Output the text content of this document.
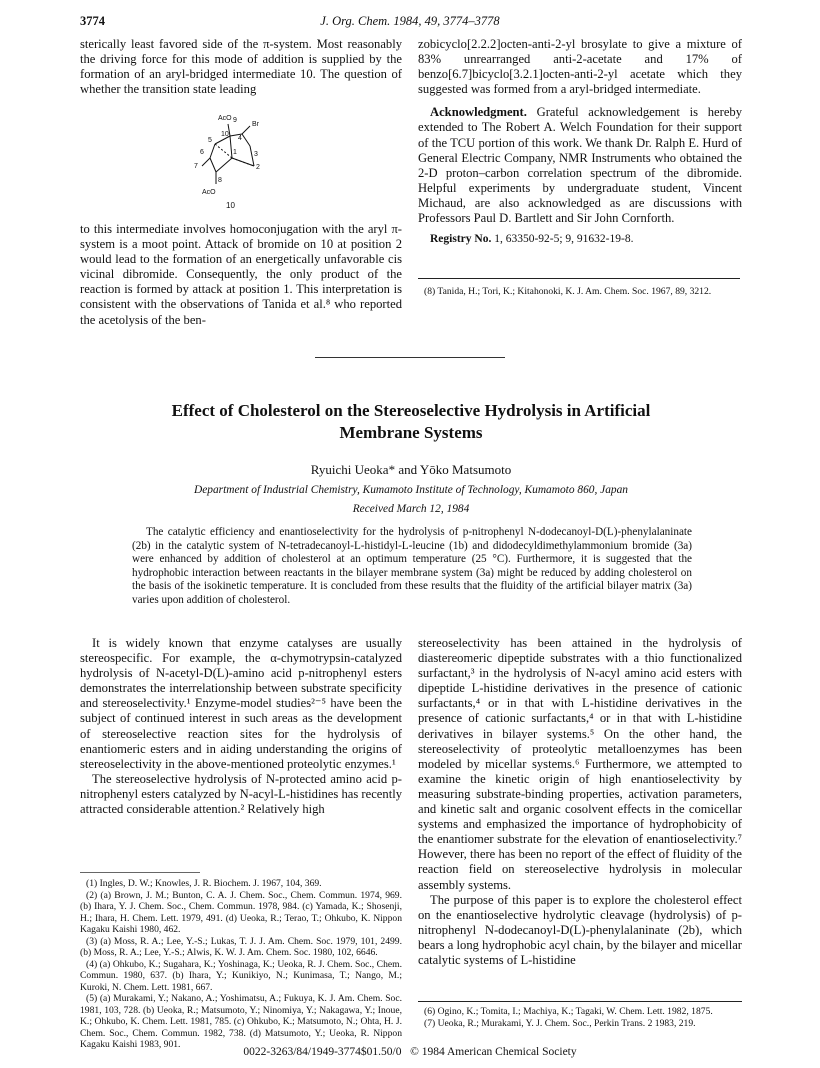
3774	J. Org. Chem. 1984, 49, 3774–3778

sterically least favored side of the π-system. Most reasonably the driving force for this mode of addition is supplied by the formation of an aryl-bridged intermediate 10. The question of whether the transition state leading

AcO
AcO
Br
9
10
4
1 3
2
5
6
7
8
10

to this intermediate involves homoconjugation with the aryl π-system is a moot point. Attack of bromide on 10 at position 2 would lead to the formation of an energetically unfavorable cis vicinal dibromide. Consequently, the only product of the reaction is formed by attack at position 1. This interpretation is consistent with the observations of Tanida et al.⁸ who reported the acetolysis of the ben-

zobicyclo[2.2.2]octen-anti-2-yl brosylate to give a mixture of 83% unrearranged anti-2-acetate and 17% of benzo[6.7]bicyclo[3.2.1]octen-anti-2-yl acetate which they suggested was formed from a aryl-bridged intermediate.

Acknowledgment. Grateful acknowledgement is hereby extended to The Robert A. Welch Foundation for their support of the TCU portion of this work. We thank Dr. Ralph E. Hurd of General Electric Company, NMR Instruments who obtained the 2-D proton–carbon correlation spectrum of the dibromide. Helpful experiments by undergraduate student, Vincent Michaud, are also acknowledged as are discussions with Professors Paul D. Bartlett and Sir John Cornforth.

Registry No. 1, 63350-92-5; 9, 91632-19-8.

(8) Tanida, H.; Tori, K.; Kitahonoki, K. J. Am. Chem. Soc. 1967, 89, 3212.

Effect of Cholesterol on the Stereoselective Hydrolysis in Artificial
Membrane Systems
Ryuichi Ueoka* and Yōko Matsumoto
Department of Industrial Chemistry, Kumamoto Institute of Technology, Kumamoto 860, Japan
Received March 12, 1984
The catalytic efficiency and enantioselectivity for the hydrolysis of p-nitrophenyl N-dodecanoyl-D(L)-phenylalaninate (2b) in the catalytic system of N-tetradecanoyl-L-histidyl-L-leucine (1b) and didodecyldimethylammonium bromide (3a) were enhanced by addition of cholesterol at an optimum temperature (25 °C). Furthermore, it is suggested that the hydrophobic interaction between reactants in the bilayer membrane system (3a) might be reduced by adding cholesterol on the basis of the isokinetic temperature. It is concluded from these results that the fluidity of the artificial bilayer matrix (3a) varies upon addition of cholesterol.

It is widely known that enzyme catalyses are usually stereospecific. For example, the α-chymotrypsin-catalyzed hydrolysis of N-acetyl-D(L)-amino acid p-nitrophenyl esters demonstrates the interrelationship between substrate specificity and stereoselectivity.¹ Enzyme-model studies²⁻⁵ have been the subject of continued interest in such areas as the development of stereoselective reaction sites for the hydrolysis of enantiomeric esters and in aiding understanding the origins of stereoselectivity in the above-mentioned proteolytic enzymes.¹

The stereoselective hydrolysis of N-protected amino acid p-nitrophenyl esters catalyzed by N-acyl-L-histidines has recently attracted considerable attention.² Relatively high

(1) Ingles, D. W.; Knowles, J. R. Biochem. J. 1967, 104, 369.

(2) (a) Brown, J. M.; Bunton, C. A. J. Chem. Soc., Chem. Commun. 1974, 969. (b) Ihara, Y. J. Chem. Soc., Chem. Commun. 1978, 984. (c) Yamada, K.; Shosenji, H.; Ihara, H. Chem. Lett. 1979, 491. (d) Ueoka, R.; Terao, T.; Ohkubo, K. Nippon Kagaku Kaishi 1980, 462.

(3) (a) Moss, R. A.; Lee, Y.-S.; Lukas, T. J. J. Am. Chem. Soc. 1979, 101, 2499. (b) Moss, R. A.; Lee, Y.-S.; Alwis, K. W. J. Am. Chem. Soc. 1980, 102, 6646.

(4) (a) Ohkubo, K.; Sugahara, K.; Yoshinaga, K.; Ueoka, R. J. Chem. Soc., Chem. Commun. 1980, 637. (b) Ihara, Y.; Kunikiyo, N.; Kunimasa, T.; Nango, M.; Kuroki, N. Chem. Lett. 1981, 667.

(5) (a) Murakami, Y.; Nakano, A.; Yoshimatsu, A.; Fukuya, K. J. Am. Chem. Soc. 1981, 103, 728. (b) Ueoka, R.; Matsumoto, Y.; Ninomiya, Y.; Nakagawa, Y.; Inoue, K.; Ohkubo, K. Chem. Lett. 1981, 785. (c) Ohkubo, K.; Matsumoto, N.; Ohta, H. J. Chem. Soc., Chem. Commun. 1982, 738. (d) Matsumoto, Y.; Ueoka, R. Nippon Kagaku Kaishi 1983, 901.

stereoselectivity has been attained in the hydrolysis of diastereomeric dipeptide substrates with a thio functionalized surfactant,³ in the hydrolysis of N-acyl amino acid esters with dipeptide L-histidine derivatives in the presence of cationic surfactants,⁴ or in that with L-histidine derivatives in the presence of cationic surfactants,⁴ or in that with L-histidine derivatives in bilayer systems.⁵ On the other hand, the stereoselectivity of proteolytic metalloenzymes has been modeled by micellar systems.⁶ Furthermore, we attempted to examine the kinetic origin of high enantioselectivity by measuring substrate-binding properties, activation parameters, and kinetic salt and organic cosolvent effects in the comicellar systems and emphasized the importance of hydrophobicity of the enantiomer substrate for the elevation of enantioselectivity.⁷ However, there has been no report of the effect of fluidity of the reaction field on stereoselective hydrolysis in molecular assembly systems.

The purpose of this paper is to explore the cholesterol effect on the enantioselective hydrolytic cleavage (hydrolysis) of p-nitrophenyl N-dodecanoyl-D(L)-phenylalaninate (2b), which bears a long hydrophobic acyl chain, by the bilayer and micellar catalytic systems of L-histidine

(6) Ogino, K.; Tomita, I.; Machiya, K.; Tagaki, W. Chem. Lett. 1982, 1875.

(7) Ueoka, R.; Murakami, Y. J. Chem. Soc., Perkin Trans. 2 1983, 219.

0022-3263/84/1949-3774$01.50/0 © 1984 American Chemical Society
